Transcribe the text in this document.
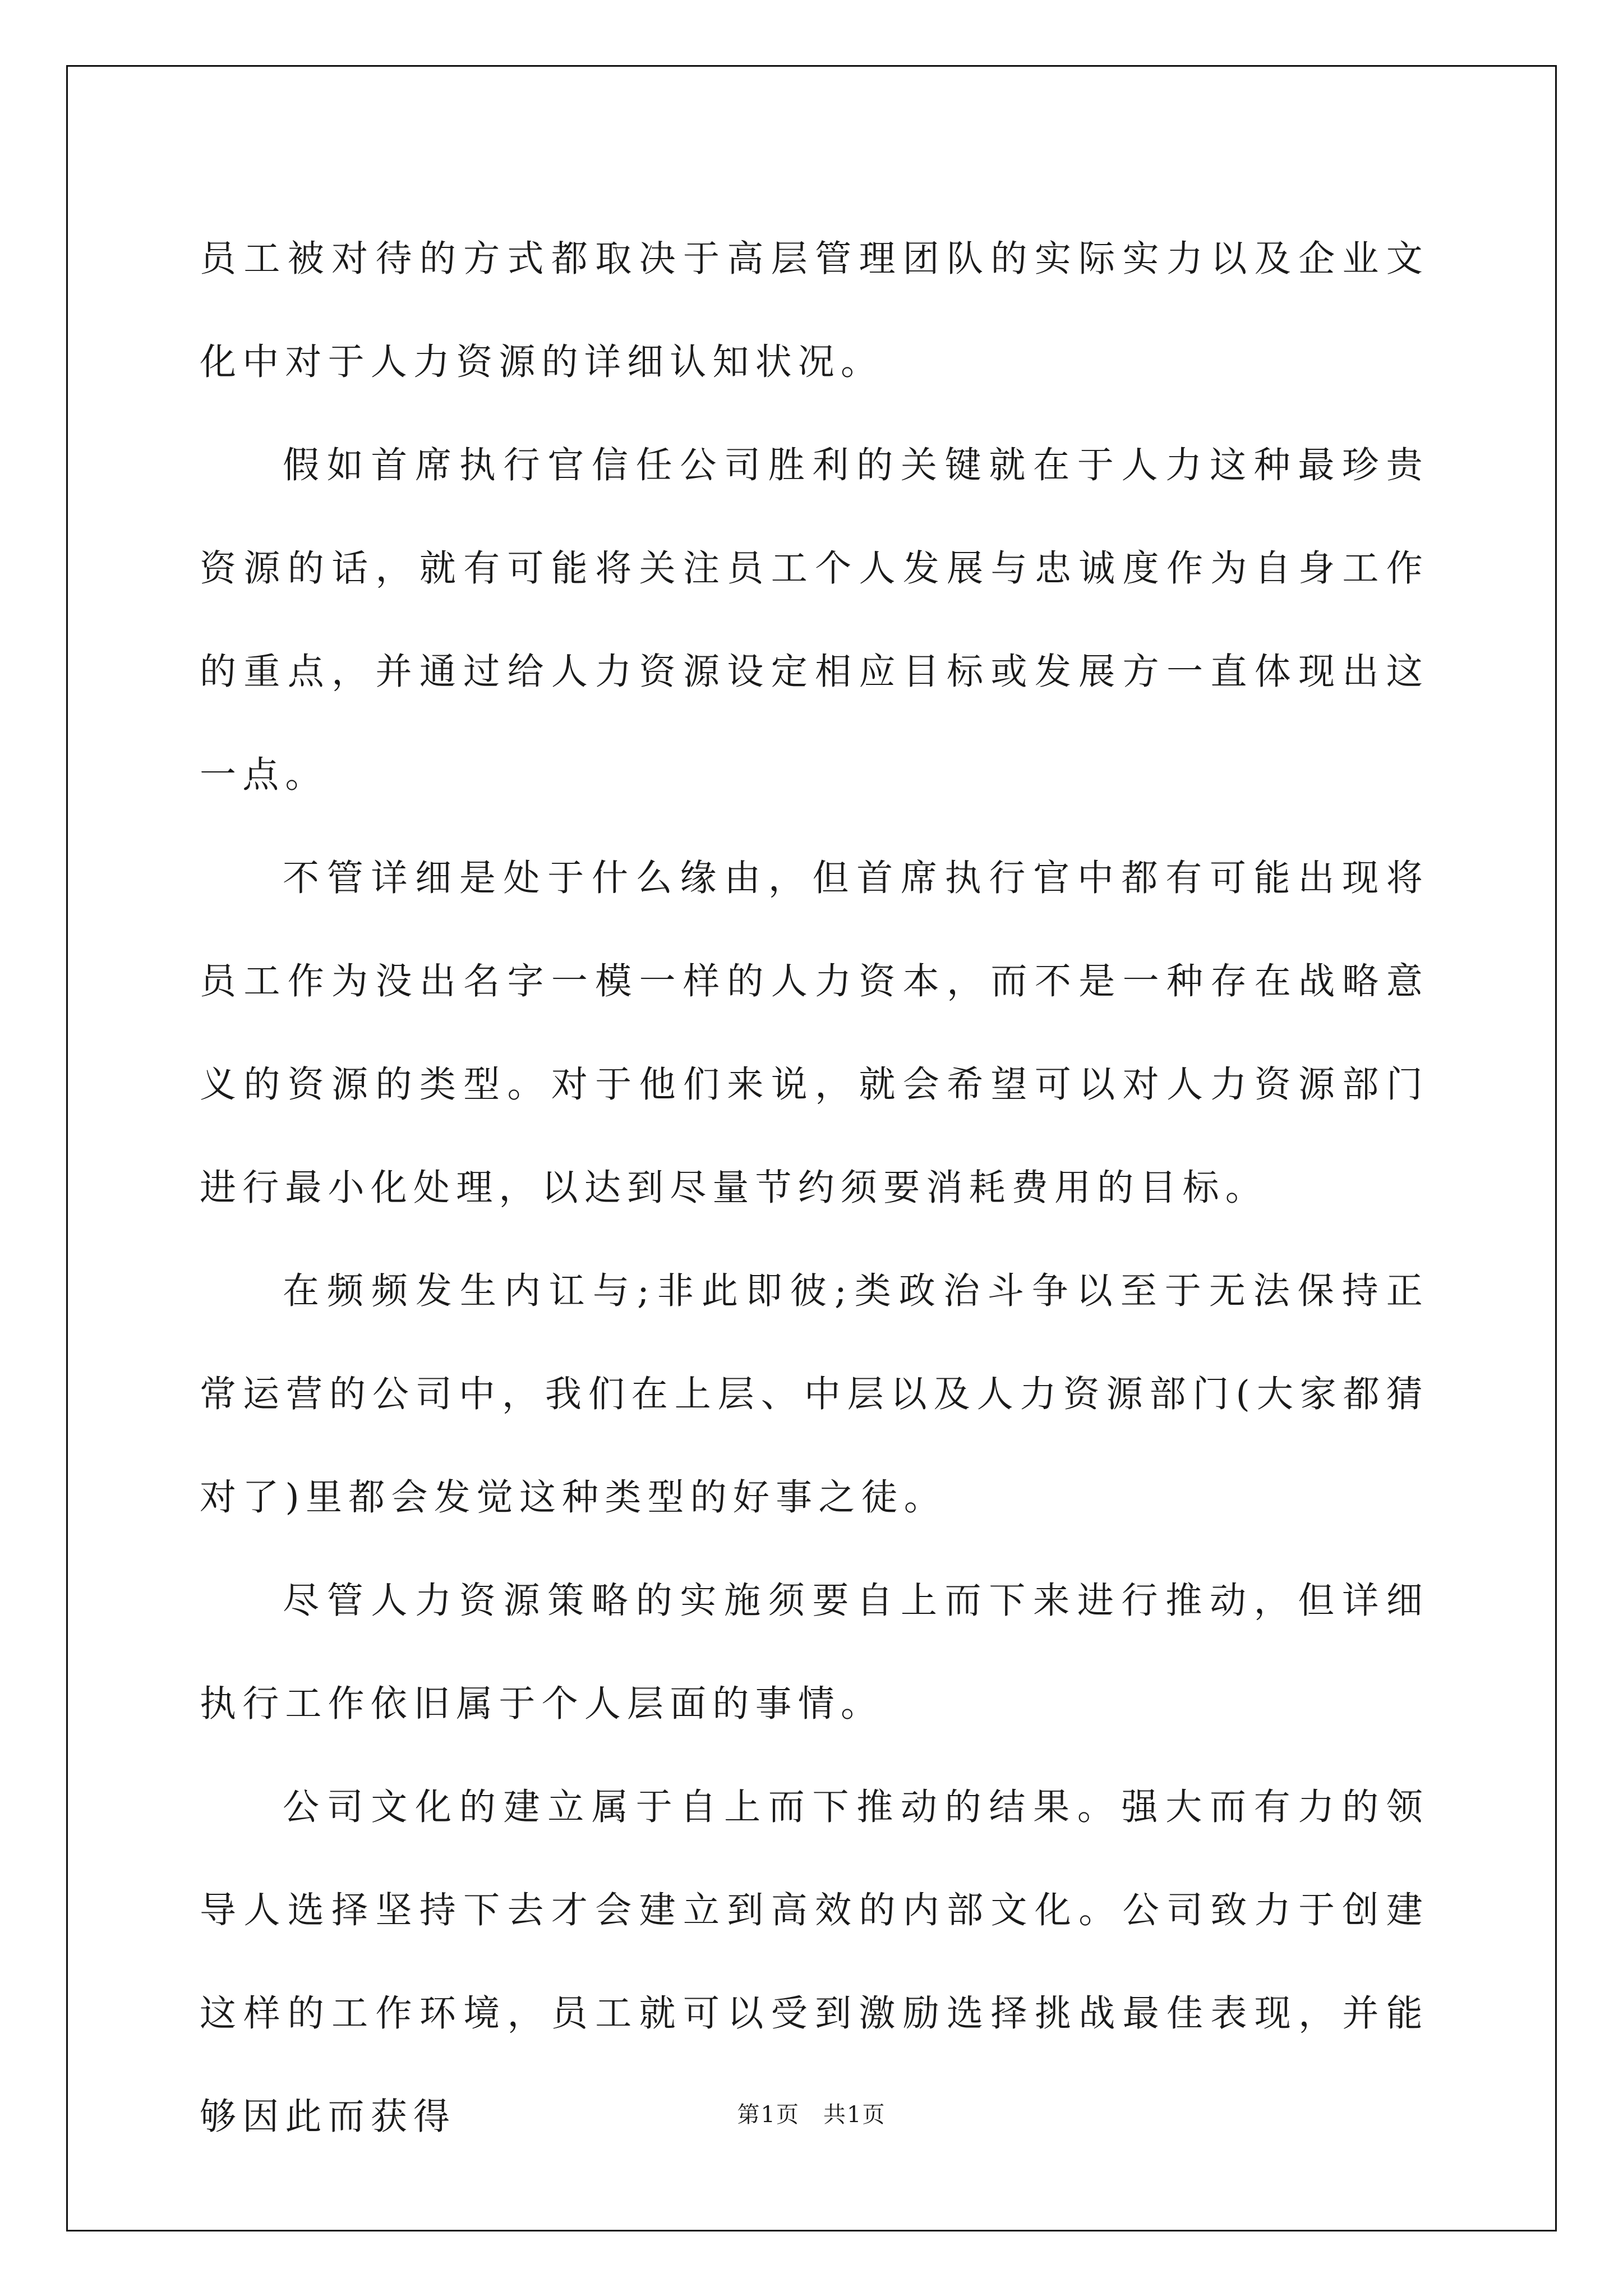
员工被对待的方式都取决于高层管理团队的实际实力以及企业文化中对于人力资源的详细认知状况。

假如首席执行官信任公司胜利的关键就在于人力这种最珍贵资源的话，就有可能将关注员工个人发展与忠诚度作为自身工作的重点，并通过给人力资源设定相应目标或发展方一直体现出这一点。

不管详细是处于什么缘由，但首席执行官中都有可能出现将员工作为没出名字一模一样的人力资本，而不是一种存在战略意义的资源的类型。对于他们来说，就会希望可以对人力资源部门进行最小化处理，以达到尽量节约须要消耗费用的目标。

在频频发生内讧与;非此即彼;类政治斗争以至于无法保持正常运营的公司中，我们在上层、中层以及人力资源部门(大家都猜对了)里都会发觉这种类型的好事之徒。

尽管人力资源策略的实施须要自上而下来进行推动，但详细执行工作依旧属于个人层面的事情。

公司文化的建立属于自上而下推动的结果。强大而有力的领导人选择坚持下去才会建立到高效的内部文化。公司致力于创建这样的工作环境，员工就可以受到激励选择挑战最佳表现，并能够因此而获得	第1页　共1页
